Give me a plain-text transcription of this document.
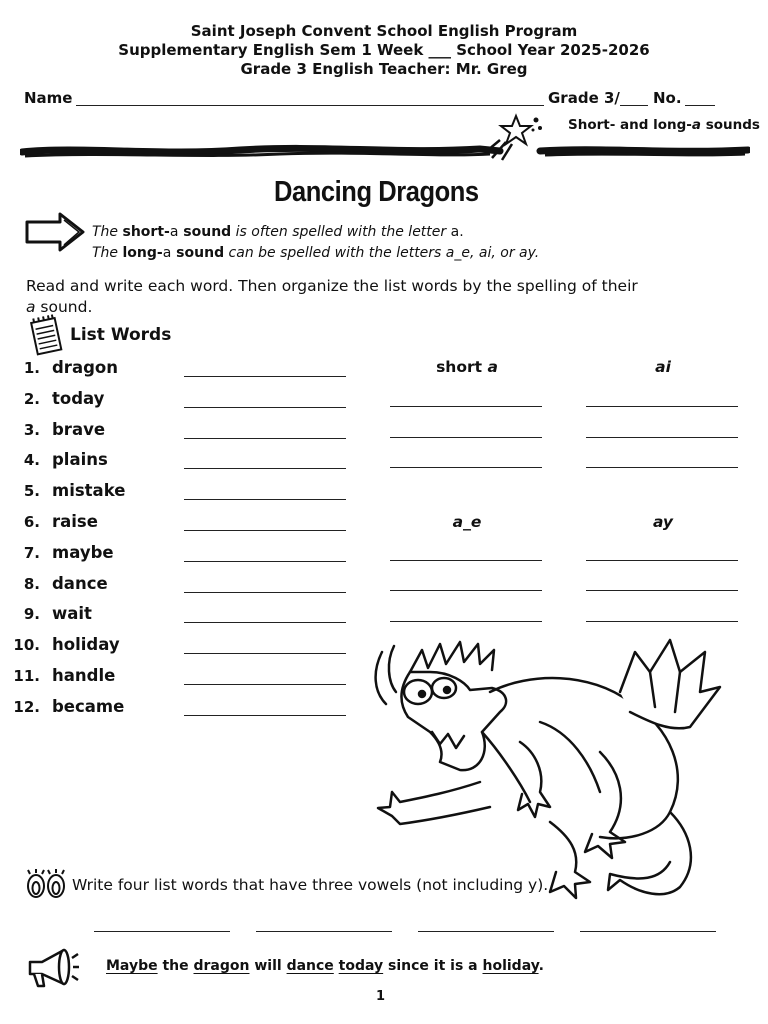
Saint Joseph Convent School English Program
Supplementary English Sem 1 Week ___ School Year 2025-2026
Grade 3 English Teacher: Mr. Greg
Name	Grade 3/ No.
Short- and long-a sounds
Dancing Dragons
The short-a sound is often spelled with the letter a.
The long-a sound can be spelled with the letters a_e, ai, or ay.
Read and write each word. Then organize the list words by the spelling of their
a sound.
List Words
1. dragon
2. today
3. brave
4. plains
5. mistake
6. raise
7. maybe
8. dance
9. wait
10. holiday
11. handle
12. became
short a	ai
a_e	ay
Write four list words that have three vowels (not including y).
Maybe the dragon will dance today since it is a holiday.
1
